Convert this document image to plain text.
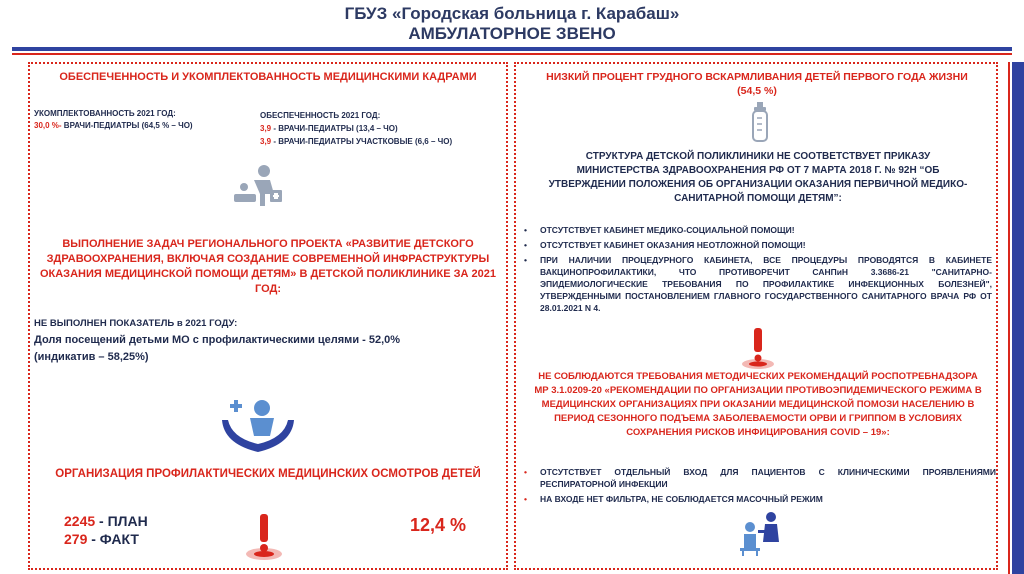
ГБУЗ «Городская больница г. Карабаш»
АМБУЛАТОРНОЕ ЗВЕНО
ОБЕСПЕЧЕННОСТЬ И УКОМПЛЕКТОВАННОСТЬ МЕДИЦИНСКИМИ КАДРАМИ
УКОМПЛЕКТОВАННОСТЬ 2021 ГОД:
30,0 %- ВРАЧИ-ПЕДИАТРЫ (64,5 % – ЧО)
ОБЕСПЕЧЕННОСТЬ 2021 ГОД:
3,9 - ВРАЧИ-ПЕДИАТРЫ (13,4 – ЧО)
3,9 - ВРАЧИ-ПЕДИАТРЫ УЧАСТКОВЫЕ (6,6 – ЧО)
ВЫПОЛНЕНИЕ ЗАДАЧ РЕГИОНАЛЬНОГО ПРОЕКТА «РАЗВИТИЕ ДЕТСКОГО ЗДРАВООХРАНЕНИЯ, ВКЛЮЧАЯ СОЗДАНИЕ СОВРЕМЕННОЙ ИНФРАСТРУКТУРЫ ОКАЗАНИЯ МЕДИЦИНСКОЙ ПОМОЩИ ДЕТЯМ» В ДЕТСКОЙ ПОЛИКЛИНИКЕ ЗА 2021 ГОД:
НЕ ВЫПОЛНЕН ПОКАЗАТЕЛЬ в 2021 ГОДУ:
Доля посещений детьми МО с профилактическими целями - 52,0%
(индикатив – 58,25%)
ОРГАНИЗАЦИЯ ПРОФИЛАКТИЧЕСКИХ МЕДИЦИНСКИХ ОСМОТРОВ ДЕТЕЙ
2245 - ПЛАН
279 - ФАКТ
12,4 %
НИЗКИЙ ПРОЦЕНТ ГРУДНОГО ВСКАРМЛИВАНИЯ ДЕТЕЙ ПЕРВОГО ГОДА ЖИЗНИ
(54,5 %)
СТРУКТУРА ДЕТСКОЙ ПОЛИКЛИНИКИ НЕ СООТВЕТСТВУЕТ ПРИКАЗУ МИНИСТЕРСТВА ЗДРАВООХРАНЕНИЯ РФ ОТ 7 МАРТА 2018 Г. № 92Н “ОБ УТВЕРЖДЕНИИ ПОЛОЖЕНИЯ ОБ ОРГАНИЗАЦИИ ОКАЗАНИЯ ПЕРВИЧНОЙ МЕДИКО-САНИТАРНОЙ ПОМОЩИ ДЕТЯМ”:
• ОТСУТСТВУЕТ КАБИНЕТ МЕДИКО-СОЦИАЛЬНОЙ ПОМОЩИ!
• ОТСУТСТВУЕТ КАБИНЕТ ОКАЗАНИЯ НЕОТЛОЖНОЙ ПОМОЩИ!
• ПРИ НАЛИЧИИ ПРОЦЕДУРНОГО КАБИНЕТА, ВСЕ ПРОЦЕДУРЫ ПРОВОДЯТСЯ В КАБИНЕТЕ ВАКЦИНОПРОФИЛАКТИКИ, ЧТО ПРОТИВОРЕЧИТ САНПиН 3.3686-21 "САНИТАРНО-ЭПИДЕМИОЛОГИЧЕСКИЕ ТРЕБОВАНИЯ ПО ПРОФИЛАКТИКЕ ИНФЕКЦИОННЫХ БОЛЕЗНЕЙ", УТВЕРЖДЕННЫМИ ПОСТАНОВЛЕНИЕМ ГЛАВНОГО ГОСУДАРСТВЕННОГО САНИТАРНОГО ВРАЧА РФ ОТ 28.01.2021 N 4.
НЕ СОБЛЮДАЮТСЯ ТРЕБОВАНИЯ МЕТОДИЧЕСКИХ РЕКОМЕНДАЦИЙ РОСПОТРЕБНАДЗОРА МР 3.1.0209-20 «РЕКОМЕНДАЦИИ ПО ОРГАНИЗАЦИИ ПРОТИВОЭПИДЕМИЧЕСКОГО РЕЖИМА В МЕДИЦИНСКИХ ОРГАНИЗАЦИЯХ ПРИ ОКАЗАНИИ МЕДИЦИНСКОЙ ПОМОЗИ НАСЕЛЕНИЮ В ПЕРИОД СЕЗОННОГО ПОДЪЕМА ЗАБОЛЕВАЕМОСТИ ОРВИ И ГРИППОМ В УСЛОВИЯХ СОХРАНЕНИЯ РИСКОВ ИНФИЦИРОВАНИЯ COVID – 19»:
• ОТСУТСТВУЕТ ОТДЕЛЬНЫЙ ВХОД ДЛЯ ПАЦИЕНТОВ С КЛИНИЧЕСКИМИ ПРОЯВЛЕНИЯМИ РЕСПИРАТОРНОЙ ИНФЕКЦИИ
• НА ВХОДЕ НЕТ ФИЛЬТРА, НЕ СОБЛЮДАЕТСЯ МАСОЧНЫЙ РЕЖИМ
